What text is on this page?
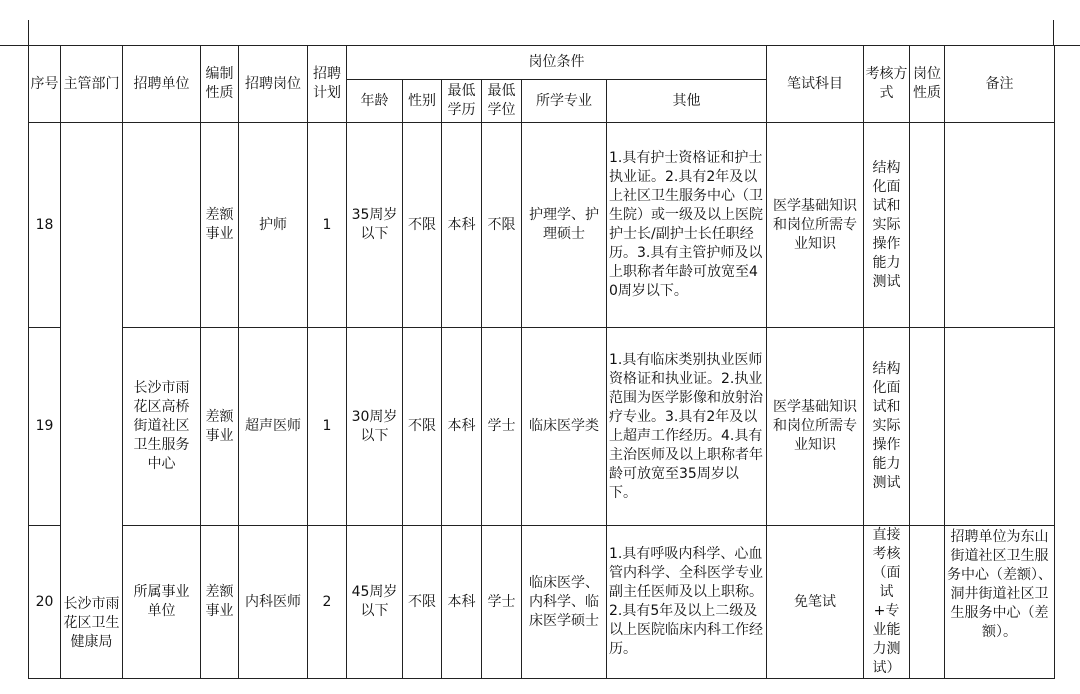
序号	主管部门	招聘单位	编制性质	招聘岗位	招聘计划	岗位条件						笔试科目	考核方式	岗位性质	备注
						年龄	性别	最低学历	最低学位	所学专业	其他				
18	长沙市雨花区卫生健康局		差额事业	护师	1	35周岁以下	不限	本科	不限	护理学、护理硕士	1.具有护士资格证和护士执业证。2.具有2年及以上社区卫生服务中心（卫生院）或一级及以上医院护士长/副护士长任职经历。3.具有主管护师及以上职称者年龄可放宽至40周岁以下。	医学基础知识和岗位所需专业知识	结构化面试和实际操作能力测试		
19		长沙市雨花区高桥街道社区卫生服务中心	差额事业	超声医师	1	30周岁以下	不限	本科	学士	临床医学类	1.具有临床类别执业医师资格证和执业证。2.执业范围为医学影像和放射治疗专业。3.具有2年及以上超声工作经历。4.具有主治医师及以上职称者年龄可放宽至35周岁以下。	医学基础知识和岗位所需专业知识	结构化面试和实际操作能力测试		
20		所属事业单位	差额事业	内科医师	2	45周岁以下	不限	本科	学士	临床医学、内科学、临床医学硕士	1.具有呼吸内科学、心血管内科学、全科医学专业副主任医师及以上职称。2.具有5年及以上二级及以上医院临床内科工作经历。	免笔试	直接考核（面试+专业能力测试）		招聘单位为东山街道社区卫生服务中心（差额）、洞井街道社区卫生服务中心（差额）。
